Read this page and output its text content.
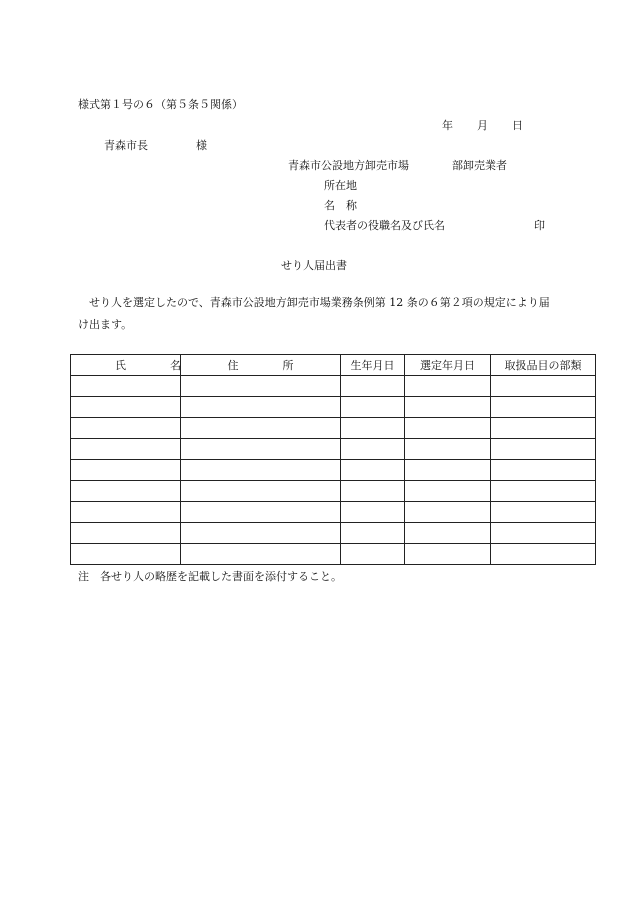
様式第１号の６（第５条５関係）
年 月 日
青森市長	様
青森市公設地方卸売市場	部卸売業者
所在地
名　称
代表者の役職名及び氏名	印
せり人届出書
せり人を選定したので、青森市公設地方卸売市場業務条例第 12 条の６第２項の規定により届け出ます。
氏名	住所	生年月日	選定年月日	取扱品目の部類

注　各せり人の略歴を記載した書面を添付すること。
